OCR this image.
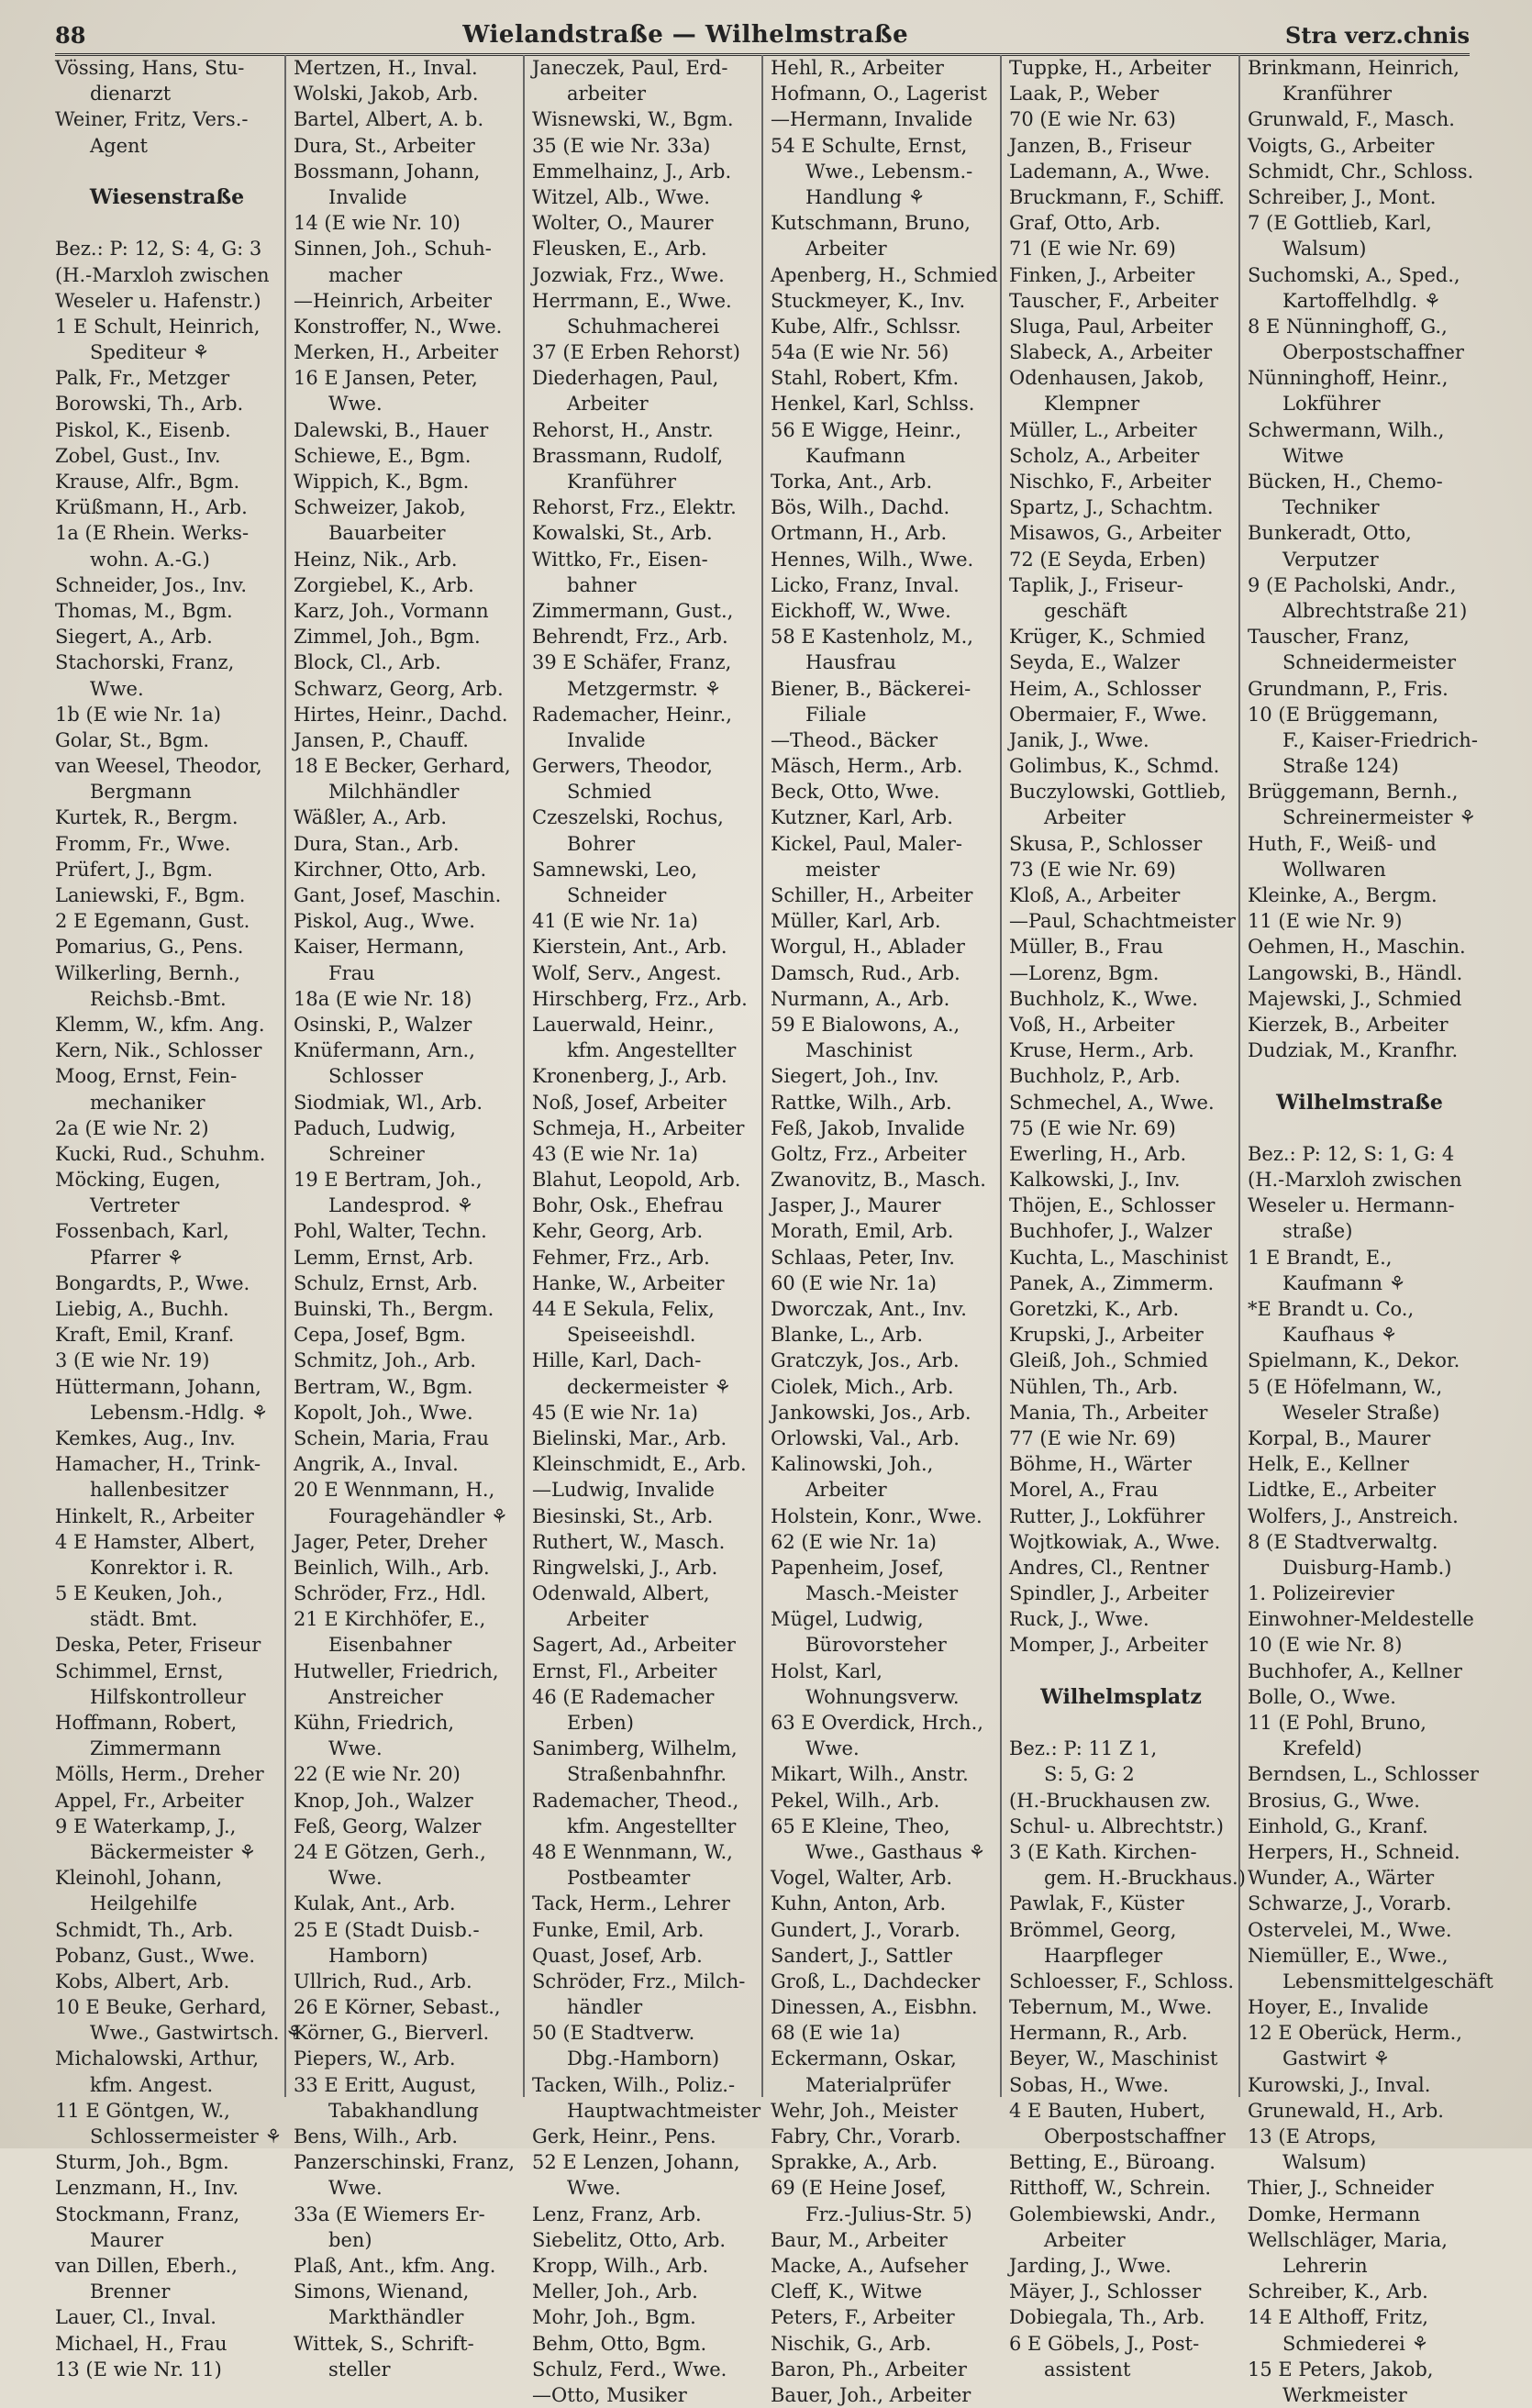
88	Wielandstraße — Wilhelmstraße	Stra verz.chnis
Vössing, Hans, Stu-
dienarzt
Weiner, Fritz, Vers.-
Agent
Wiesenstraße
Bez.: P: 12, S: 4, G: 3
(H.-Marxloh zwischen
Weseler u. Hafenstr.)
1 E Schult, Heinrich,
Spediteur ⚘
Palk, Fr., Metzger
Borowski, Th., Arb.
Piskol, K., Eisenb.
Zobel, Gust., Inv.
Krause, Alfr., Bgm.
Krüßmann, H., Arb.
1a (E Rhein. Werks-
wohn. A.-G.)
Schneider, Jos., Inv.
Thomas, M., Bgm.
Siegert, A., Arb.
Stachorski, Franz,
Wwe.
1b (E wie Nr. 1a)
Golar, St., Bgm.
van Weesel, Theodor,
Bergmann
Kurtek, R., Bergm.
Fromm, Fr., Wwe.
Prüfert, J., Bgm.
Laniewski, F., Bgm.
2 E Egemann, Gust.
Pomarius, G., Pens.
Wilkerling, Bernh.,
Reichsb.-Bmt.
Klemm, W., kfm. Ang.
Kern, Nik., Schlosser
Moog, Ernst, Fein-
mechaniker
2a (E wie Nr. 2)
Kucki, Rud., Schuhm.
Möcking, Eugen,
Vertreter
Fossenbach, Karl,
Pfarrer ⚘
Bongardts, P., Wwe.
Liebig, A., Buchh.
Kraft, Emil, Kranf.
3 (E wie Nr. 19)
Hüttermann, Johann,
Lebensm.-Hdlg. ⚘
Kemkes, Aug., Inv.
Hamacher, H., Trink-
hallenbesitzer
Hinkelt, R., Arbeiter
4 E Hamster, Albert,
Konrektor i. R.
5 E Keuken, Joh.,
städt. Bmt.
Deska, Peter, Friseur
Schimmel, Ernst,
Hilfskontrolleur
Hoffmann, Robert,
Zimmermann
Mölls, Herm., Dreher
Appel, Fr., Arbeiter
9 E Waterkamp, J.,
Bäckermeister ⚘
Kleinohl, Johann,
Heilgehilfe
Schmidt, Th., Arb.
Pobanz, Gust., Wwe.
Kobs, Albert, Arb.
10 E Beuke, Gerhard,
Wwe., Gastwirtsch. ⚘
Michalowski, Arthur,
kfm. Angest.
11 E Göntgen, W.,
Schlossermeister ⚘
Sturm, Joh., Bgm.
Lenzmann, H., Inv.
Stockmann, Franz,
Maurer
van Dillen, Eberh.,
Brenner
Lauer, Cl., Inval.
Michael, H., Frau
13 (E wie Nr. 11)
Mertzen, H., Inval.
Wolski, Jakob, Arb.
Bartel, Albert, A. b.
Dura, St., Arbeiter
Bossmann, Johann,
Invalide
14 (E wie Nr. 10)
Sinnen, Joh., Schuh-
macher
—Heinrich, Arbeiter
Konstroffer, N., Wwe.
Merken, H., Arbeiter
16 E Jansen, Peter,
Wwe.
Dalewski, B., Hauer
Schiewe, E., Bgm.
Wippich, K., Bgm.
Schweizer, Jakob,
Bauarbeiter
Heinz, Nik., Arb.
Zorgiebel, K., Arb.
Karz, Joh., Vormann
Zimmel, Joh., Bgm.
Block, Cl., Arb.
Schwarz, Georg, Arb.
Hirtes, Heinr., Dachd.
Jansen, P., Chauff.
18 E Becker, Gerhard,
Milchhändler
Wäßler, A., Arb.
Dura, Stan., Arb.
Kirchner, Otto, Arb.
Gant, Josef, Maschin.
Piskol, Aug., Wwe.
Kaiser, Hermann,
Frau
18a (E wie Nr. 18)
Osinski, P., Walzer
Knüfermann, Arn.,
Schlosser
Siodmiak, Wl., Arb.
Paduch, Ludwig,
Schreiner
19 E Bertram, Joh.,
Landesprod. ⚘
Pohl, Walter, Techn.
Lemm, Ernst, Arb.
Schulz, Ernst, Arb.
Buinski, Th., Bergm.
Cepa, Josef, Bgm.
Schmitz, Joh., Arb.
Bertram, W., Bgm.
Kopolt, Joh., Wwe.
Schein, Maria, Frau
Angrik, A., Inval.
20 E Wennmann, H.,
Fouragehändler ⚘
Jager, Peter, Dreher
Beinlich, Wilh., Arb.
Schröder, Frz., Hdl.
21 E Kirchhöfer, E.,
Eisenbahner
Hutweller, Friedrich,
Anstreicher
Kühn, Friedrich,
Wwe.
22 (E wie Nr. 20)
Knop, Joh., Walzer
Feß, Georg, Walzer
24 E Götzen, Gerh.,
Wwe.
Kulak, Ant., Arb.
25 E (Stadt Duisb.-
Hamborn)
Ullrich, Rud., Arb.
26 E Körner, Sebast.,
Körner, G., Bierverl.
Piepers, W., Arb.
33 E Eritt, August,
Tabakhandlung
Bens, Wilh., Arb.
Panzerschinski, Franz,
Wwe.
33a (E Wiemers Er-
ben)
Plaß, Ant., kfm. Ang.
Simons, Wienand,
Markthändler
Wittek, S., Schrift-
steller
Janeczek, Paul, Erd-
arbeiter
Wisnewski, W., Bgm.
35 (E wie Nr. 33a)
Emmelhainz, J., Arb.
Witzel, Alb., Wwe.
Wolter, O., Maurer
Fleusken, E., Arb.
Jozwiak, Frz., Wwe.
Herrmann, E., Wwe.
Schuhmacherei
37 (E Erben Rehorst)
Diederhagen, Paul,
Arbeiter
Rehorst, H., Anstr.
Brassmann, Rudolf,
Kranführer
Rehorst, Frz., Elektr.
Kowalski, St., Arb.
Wittko, Fr., Eisen-
bahner
Zimmermann, Gust.,
Behrendt, Frz., Arb.
39 E Schäfer, Franz,
Metzgermstr. ⚘
Rademacher, Heinr.,
Invalide
Gerwers, Theodor,
Schmied
Czeszelski, Rochus,
Bohrer
Samnewski, Leo,
Schneider
41 (E wie Nr. 1a)
Kierstein, Ant., Arb.
Wolf, Serv., Angest.
Hirschberg, Frz., Arb.
Lauerwald, Heinr.,
kfm. Angestellter
Kronenberg, J., Arb.
Noß, Josef, Arbeiter
Schmeja, H., Arbeiter
43 (E wie Nr. 1a)
Blahut, Leopold, Arb.
Bohr, Osk., Ehefrau
Kehr, Georg, Arb.
Fehmer, Frz., Arb.
Hanke, W., Arbeiter
44 E Sekula, Felix,
Speiseeishdl.
Hille, Karl, Dach-
deckermeister ⚘
45 (E wie Nr. 1a)
Bielinski, Mar., Arb.
Kleinschmidt, E., Arb.
—Ludwig, Invalide
Biesinski, St., Arb.
Ruthert, W., Masch.
Ringwelski, J., Arb.
Odenwald, Albert,
Arbeiter
Sagert, Ad., Arbeiter
Ernst, Fl., Arbeiter
46 (E Rademacher
Erben)
Sanimberg, Wilhelm,
Straßenbahnfhr.
Rademacher, Theod.,
kfm. Angestellter
48 E Wennmann, W.,
Postbeamter
Tack, Herm., Lehrer
Funke, Emil, Arb.
Quast, Josef, Arb.
Schröder, Frz., Milch-
händler
50 (E Stadtverw.
Dbg.-Hamborn)
Tacken, Wilh., Poliz.-
Hauptwachtmeister
Gerk, Heinr., Pens.
52 E Lenzen, Johann,
Wwe.
Lenz, Franz, Arb.
Siebelitz, Otto, Arb.
Kropp, Wilh., Arb.
Meller, Joh., Arb.
Mohr, Joh., Bgm.
Behm, Otto, Bgm.
Schulz, Ferd., Wwe.
—Otto, Musiker
Hehl, R., Arbeiter
Hofmann, O., Lagerist
—Hermann, Invalide
54 E Schulte, Ernst,
Wwe., Lebensm.-
Handlung ⚘
Kutschmann, Bruno,
Arbeiter
Apenberg, H., Schmied
Stuckmeyer, K., Inv.
Kube, Alfr., Schlssr.
54a (E wie Nr. 56)
Stahl, Robert, Kfm.
Henkel, Karl, Schlss.
56 E Wigge, Heinr.,
Kaufmann
Torka, Ant., Arb.
Bös, Wilh., Dachd.
Ortmann, H., Arb.
Hennes, Wilh., Wwe.
Licko, Franz, Inval.
Eickhoff, W., Wwe.
58 E Kastenholz, M.,
Hausfrau
Biener, B., Bäckerei-
Filiale
—Theod., Bäcker
Mäsch, Herm., Arb.
Beck, Otto, Wwe.
Kutzner, Karl, Arb.
Kickel, Paul, Maler-
meister
Schiller, H., Arbeiter
Müller, Karl, Arb.
Worgul, H., Ablader
Damsch, Rud., Arb.
Nurmann, A., Arb.
59 E Bialowons, A.,
Maschinist
Siegert, Joh., Inv.
Rattke, Wilh., Arb.
Feß, Jakob, Invalide
Goltz, Frz., Arbeiter
Zwanovitz, B., Masch.
Jasper, J., Maurer
Morath, Emil, Arb.
Schlaas, Peter, Inv.
60 (E wie Nr. 1a)
Dworczak, Ant., Inv.
Blanke, L., Arb.
Gratczyk, Jos., Arb.
Ciolek, Mich., Arb.
Jankowski, Jos., Arb.
Orlowski, Val., Arb.
Kalinowski, Joh.,
Arbeiter
Holstein, Konr., Wwe.
62 (E wie Nr. 1a)
Papenheim, Josef,
Masch.-Meister
Mügel, Ludwig,
Bürovorsteher
Holst, Karl,
Wohnungsverw.
63 E Overdick, Hrch.,
Wwe.
Mikart, Wilh., Anstr.
Pekel, Wilh., Arb.
65 E Kleine, Theo,
Wwe., Gasthaus ⚘
Vogel, Walter, Arb.
Kuhn, Anton, Arb.
Gundert, J., Vorarb.
Sandert, J., Sattler
Groß, L., Dachdecker
Dinessen, A., Eisbhn.
68 (E wie 1a)
Eckermann, Oskar,
Materialprüfer
Wehr, Joh., Meister
Fabry, Chr., Vorarb.
Sprakke, A., Arb.
69 (E Heine Josef,
Frz.-Julius-Str. 5)
Baur, M., Arbeiter
Macke, A., Aufseher
Cleff, K., Witwe
Peters, F., Arbeiter
Nischik, G., Arb.
Baron, Ph., Arbeiter
Bauer, Joh., Arbeiter
Tuppke, H., Arbeiter
Laak, P., Weber
70 (E wie Nr. 63)
Janzen, B., Friseur
Lademann, A., Wwe.
Bruckmann, F., Schiff.
Graf, Otto, Arb.
71 (E wie Nr. 69)
Finken, J., Arbeiter
Tauscher, F., Arbeiter
Sluga, Paul, Arbeiter
Slabeck, A., Arbeiter
Odenhausen, Jakob,
Klempner
Müller, L., Arbeiter
Scholz, A., Arbeiter
Nischko, F., Arbeiter
Spartz, J., Schachtm.
Misawos, G., Arbeiter
72 (E Seyda, Erben)
Taplik, J., Friseur-
geschäft
Krüger, K., Schmied
Seyda, E., Walzer
Heim, A., Schlosser
Obermaier, F., Wwe.
Janik, J., Wwe.
Golimbus, K., Schmd.
Buczylowski, Gottlieb,
Arbeiter
Skusa, P., Schlosser
73 (E wie Nr. 69)
Kloß, A., Arbeiter
—Paul, Schachtmeister
Müller, B., Frau
—Lorenz, Bgm.
Buchholz, K., Wwe.
Voß, H., Arbeiter
Kruse, Herm., Arb.
Buchholz, P., Arb.
Schmechel, A., Wwe.
75 (E wie Nr. 69)
Ewerling, H., Arb.
Kalkowski, J., Inv.
Thöjen, E., Schlosser
Buchhofer, J., Walzer
Kuchta, L., Maschinist
Panek, A., Zimmerm.
Goretzki, K., Arb.
Krupski, J., Arbeiter
Gleiß, Joh., Schmied
Nühlen, Th., Arb.
Mania, Th., Arbeiter
77 (E wie Nr. 69)
Böhme, H., Wärter
Morel, A., Frau
Rutter, J., Lokführer
Wojtkowiak, A., Wwe.
Andres, Cl., Rentner
Spindler, J., Arbeiter
Ruck, J., Wwe.
Momper, J., Arbeiter
Wilhelmsplatz
Bez.: P: 11 Z 1,
S: 5, G: 2
(H.-Bruckhausen zw.
Schul- u. Albrechtstr.)
3 (E Kath. Kirchen-
gem. H.-Bruckhaus.)
Pawlak, F., Küster
Brömmel, Georg,
Haarpfleger
Schloesser, F., Schloss.
Tebernum, M., Wwe.
Hermann, R., Arb.
Beyer, W., Maschinist
Sobas, H., Wwe.
4 E Bauten, Hubert,
Oberpostschaffner
Betting, E., Büroang.
Ritthoff, W., Schrein.
Golembiewski, Andr.,
Arbeiter
Jarding, J., Wwe.
Mäyer, J., Schlosser
Dobiegala, Th., Arb.
6 E Göbels, J., Post-
assistent
Brinkmann, Heinrich,
Kranführer
Grunwald, F., Masch.
Voigts, G., Arbeiter
Schmidt, Chr., Schloss.
Schreiber, J., Mont.
7 (E Gottlieb, Karl,
Walsum)
Suchomski, A., Sped.,
Kartoffelhdlg. ⚘
8 E Nünninghoff, G.,
Oberpostschaffner
Nünninghoff, Heinr.,
Lokführer
Schwermann, Wilh.,
Witwe
Bücken, H., Chemo-
Techniker
Bunkeradt, Otto,
Verputzer
9 (E Pacholski, Andr.,
Albrechtstraße 21)
Tauscher, Franz,
Schneidermeister
Grundmann, P., Fris.
10 (E Brüggemann,
F., Kaiser-Friedrich-
Straße 124)
Brüggemann, Bernh.,
Schreinermeister ⚘
Huth, F., Weiß- und
Wollwaren
Kleinke, A., Bergm.
11 (E wie Nr. 9)
Oehmen, H., Maschin.
Langowski, B., Händl.
Majewski, J., Schmied
Kierzek, B., Arbeiter
Dudziak, M., Kranfhr.
Wilhelmstraße
Bez.: P: 12, S: 1, G: 4
(H.-Marxloh zwischen
Weseler u. Hermann-
straße)
1 E Brandt, E.,
Kaufmann ⚘
*E Brandt u. Co.,
Kaufhaus ⚘
Spielmann, K., Dekor.
5 (E Höfelmann, W.,
Weseler Straße)
Korpal, B., Maurer
Helk, E., Kellner
Lidtke, E., Arbeiter
Wolfers, J., Anstreich.
8 (E Stadtverwaltg.
Duisburg-Hamb.)
1. Polizeirevier
Einwohner-Meldestelle
10 (E wie Nr. 8)
Buchhofer, A., Kellner
Bolle, O., Wwe.
11 (E Pohl, Bruno,
Krefeld)
Berndsen, L., Schlosser
Brosius, G., Wwe.
Einhold, G., Kranf.
Herpers, H., Schneid.
Wunder, A., Wärter
Schwarze, J., Vorarb.
Ostervelei, M., Wwe.
Niemüller, E., Wwe.,
Lebensmittelgeschäft
Hoyer, E., Invalide
12 E Oberück, Herm.,
Gastwirt ⚘
Kurowski, J., Inval.
Grunewald, H., Arb.
13 (E Atrops,
Walsum)
Thier, J., Schneider
Domke, Hermann
Wellschläger, Maria,
Lehrerin
Schreiber, K., Arb.
14 E Althoff, Fritz,
Schmiederei ⚘
15 E Peters, Jakob,
Werkmeister
